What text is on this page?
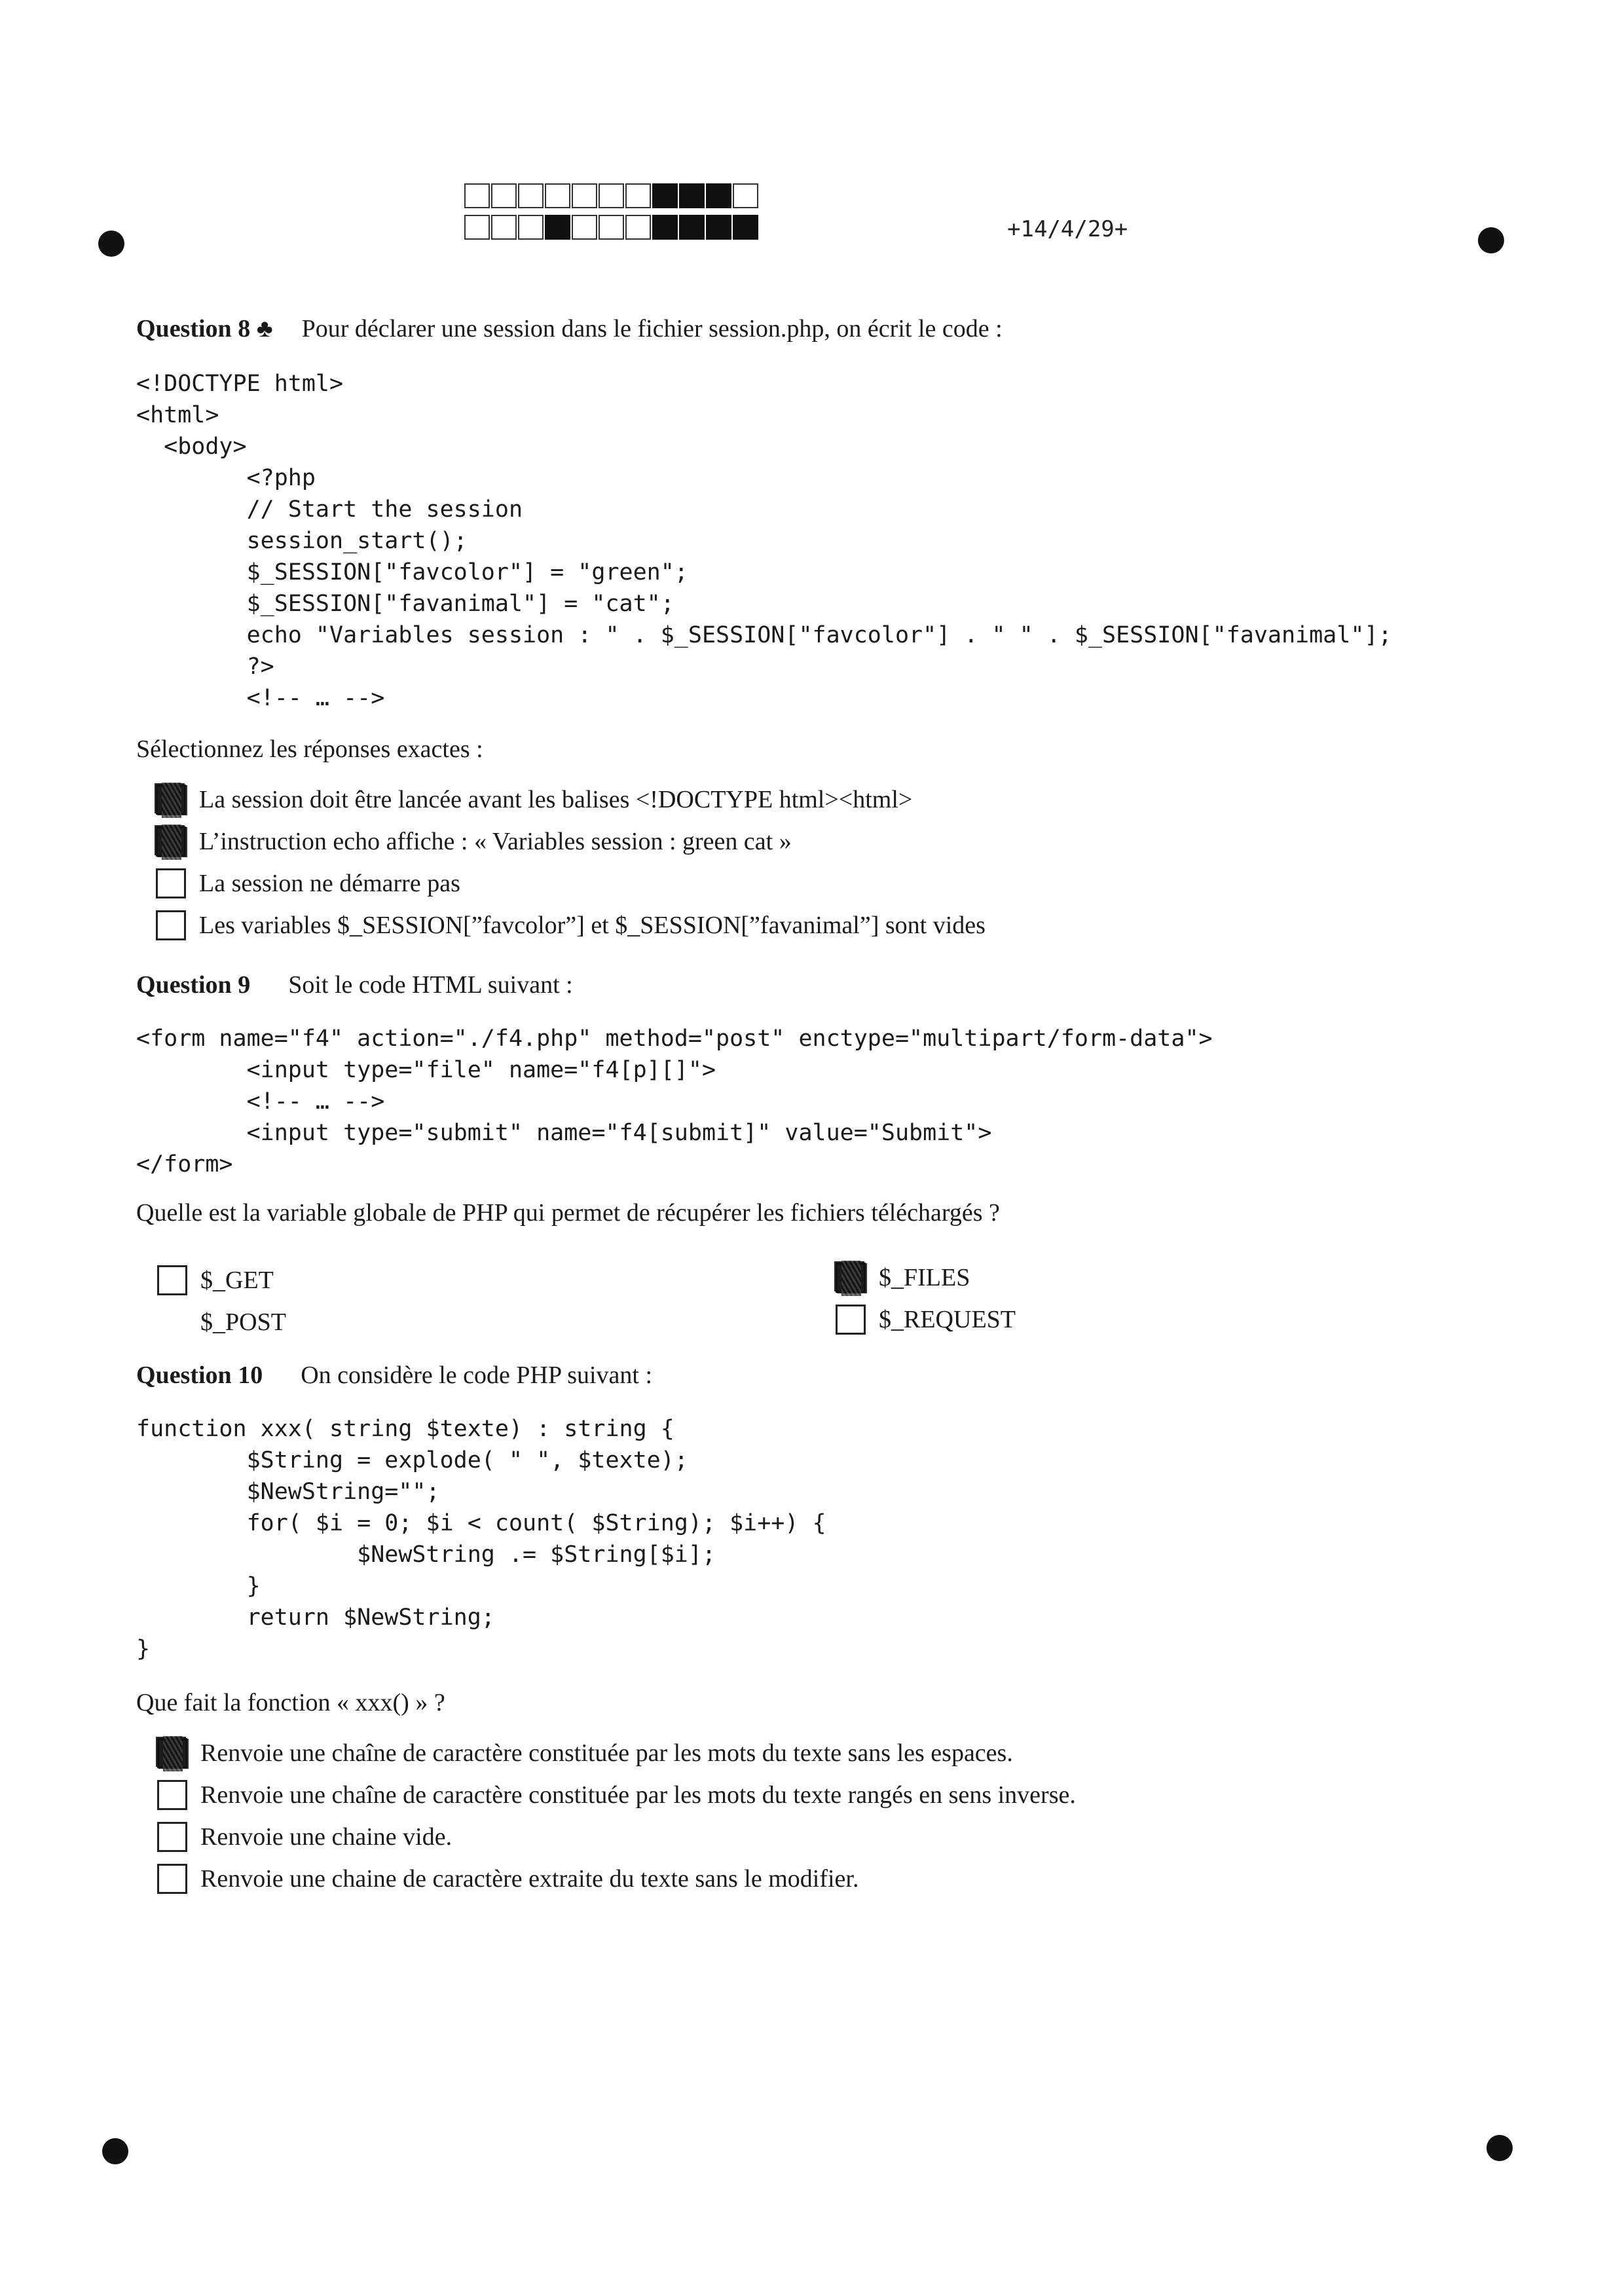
+14/4/29+
Question 8 ♣ Pour déclarer une session dans le fichier session.php, on écrit le code :
<!DOCTYPE html>
<html>
<body>
<?php
// Start the session
session_start();
$_SESSION["favcolor"] = "green";
$_SESSION["favanimal"] = "cat";
echo "Variables session : " . $_SESSION["favcolor"] . " " . $_SESSION["favanimal"];
?>
<!-- … -->
Sélectionnez les réponses exactes :
La session doit être lancée avant les balises <!DOCTYPE html><html>
L’instruction echo affiche : « Variables session : green cat »
La session ne démarre pas
Les variables $_SESSION[”favcolor”] et $_SESSION[”favanimal”] sont vides
Question 9 Soit le code HTML suivant :
<form name="f4" action="./f4.php" method="post" enctype="multipart/form-data">
<input type="file" name="f4[p][]">
<!-- … -->
<input type="submit" name="f4[submit]" value="Submit">
</form>
Quelle est la variable globale de PHP qui permet de récupérer les fichiers téléchargés ?
$_GET
$_POST
$_FILES
$_REQUEST
Question 10 On considère le code PHP suivant :
function xxx( string $texte) : string {
$String = explode( " ", $texte);
$NewString="";
for( $i = 0; $i < count( $String); $i++) {
$NewString .= $String[$i];
}
return $NewString;
}
Que fait la fonction « xxx() » ?
Renvoie une chaîne de caractère constituée par les mots du texte sans les espaces.
Renvoie une chaîne de caractère constituée par les mots du texte rangés en sens inverse.
Renvoie une chaine vide.
Renvoie une chaine de caractère extraite du texte sans le modifier.
